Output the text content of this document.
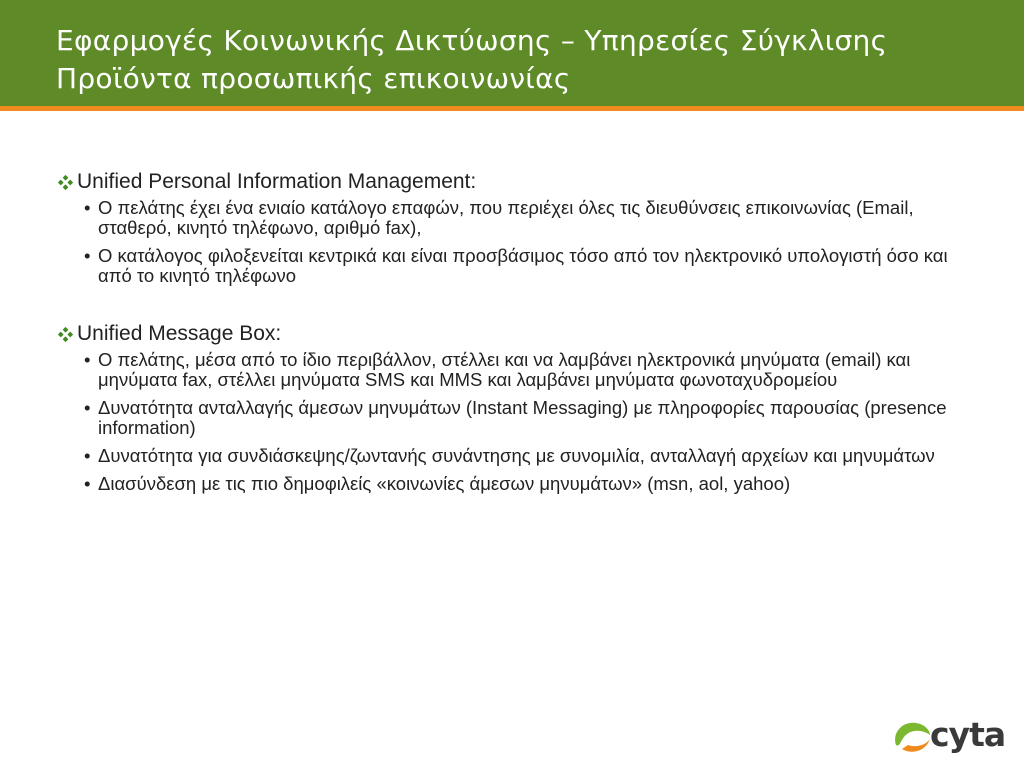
Εφαρμογές Κοινωνικής Δικτύωσης – Υπηρεσίες Σύγκλισης
Προϊόντα προσωπικής επικοινωνίας
Unified Personal Information Management:
• Ο πελάτης έχει ένα ενιαίο κατάλογο επαφών, που περιέχει όλες τις διευθύνσεις επικοινωνίας (Email, σταθερό, κινητό τηλέφωνο, αριθμό fax),
• Ο κατάλογος φιλοξενείται κεντρικά και είναι προσβάσιμος τόσο από τον ηλεκτρονικό υπολογιστή όσο και από το κινητό τηλέφωνο
Unified Message Box:
• Ο πελάτης, μέσα από το ίδιο περιβάλλον, στέλλει και να λαμβάνει ηλεκτρονικά μηνύματα (email) και μηνύματα fax, στέλλει μηνύματα SMS και MMS και λαμβάνει μηνύματα φωνοταχυδρομείου
• Δυνατότητα ανταλλαγής άμεσων μηνυμάτων (Instant Messaging) με πληροφορίες παρουσίας (presence information)
• Δυνατότητα για συνδιάσκεψης/ζωντανής συνάντησης με συνομιλία, ανταλλαγή αρχείων και μηνυμάτων
• Διασύνδεση με τις πιο δημοφιλείς «κοινωνίες άμεσων μηνυμάτων» (msn, aol, yahoo)
cyta
